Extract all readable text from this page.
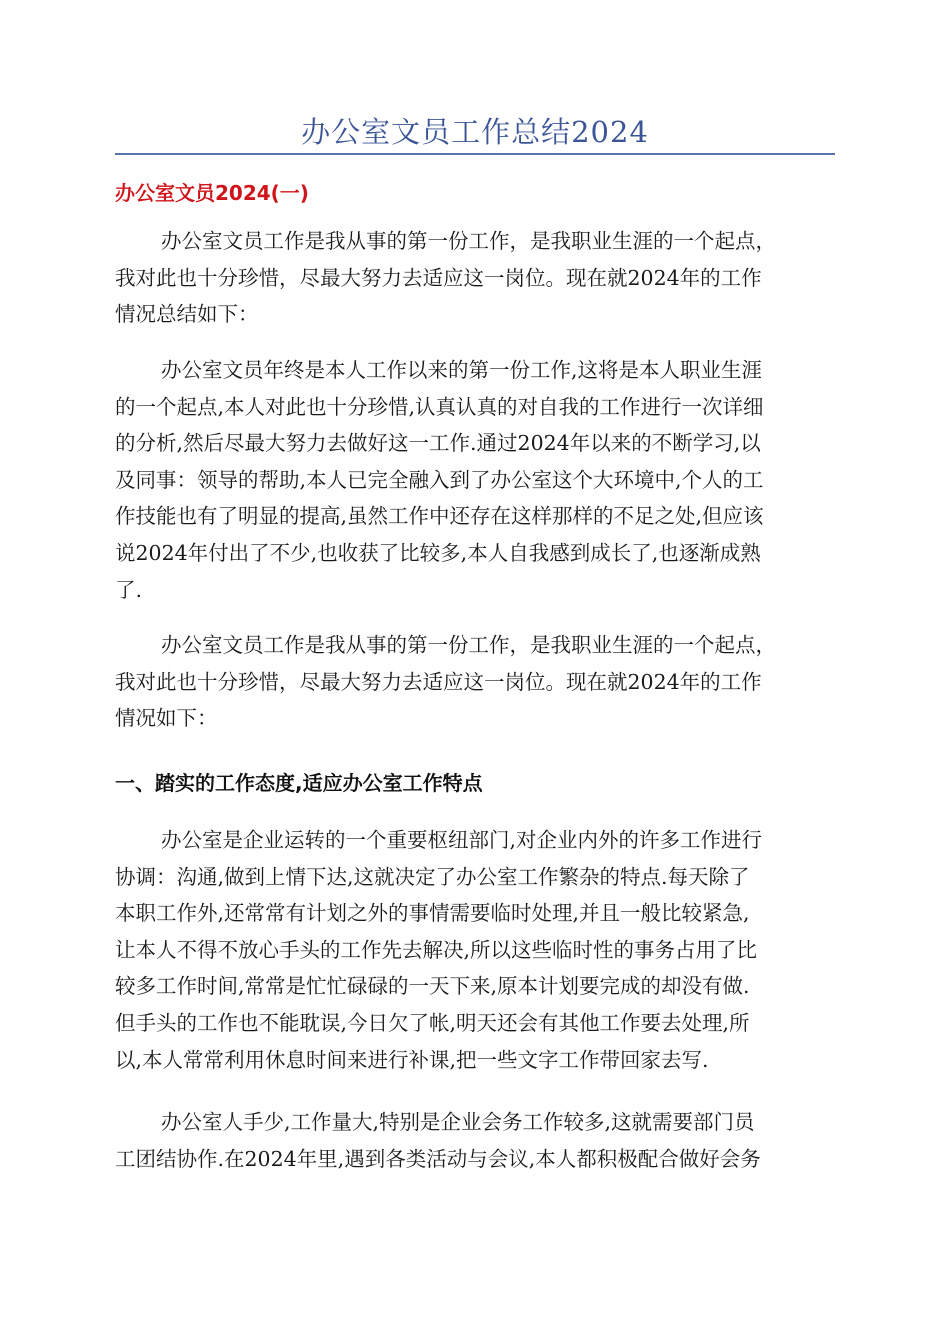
办公室文员工作总结2024
办公室文员2024(一)
办公室文员工作是我从事的第一份工作，是我职业生涯的一个起点，
我对此也十分珍惜，尽最大努力去适应这一岗位。现在就2024年的工作
情况总结如下：
办公室文员年终是本人工作以来的第一份工作,这将是本人职业生涯
的一个起点,本人对此也十分珍惜,认真认真的对自我的工作进行一次详细
的分析,然后尽最大努力去做好这一工作.通过2024年以来的不断学习,以
及同事：领导的帮助,本人已完全融入到了办公室这个大环境中,个人的工
作技能也有了明显的提高,虽然工作中还存在这样那样的不足之处,但应该
说2024年付出了不少,也收获了比较多,本人自我感到成长了,也逐渐成熟
了.
办公室文员工作是我从事的第一份工作，是我职业生涯的一个起点，
我对此也十分珍惜，尽最大努力去适应这一岗位。现在就2024年的工作
情况如下：
一、踏实的工作态度,适应办公室工作特点
办公室是企业运转的一个重要枢纽部门,对企业内外的许多工作进行
协调：沟通,做到上情下达,这就决定了办公室工作繁杂的特点.每天除了
本职工作外,还常常有计划之外的事情需要临时处理,并且一般比较紧急,
让本人不得不放心手头的工作先去解决,所以这些临时性的事务占用了比
较多工作时间,常常是忙忙碌碌的一天下来,原本计划要完成的却没有做.
但手头的工作也不能耽误,今日欠了帐,明天还会有其他工作要去处理,所
以,本人常常利用休息时间来进行补课,把一些文字工作带回家去写.
办公室人手少,工作量大,特别是企业会务工作较多,这就需要部门员
工团结协作.在2024年里,遇到各类活动与会议,本人都积极配合做好会务
